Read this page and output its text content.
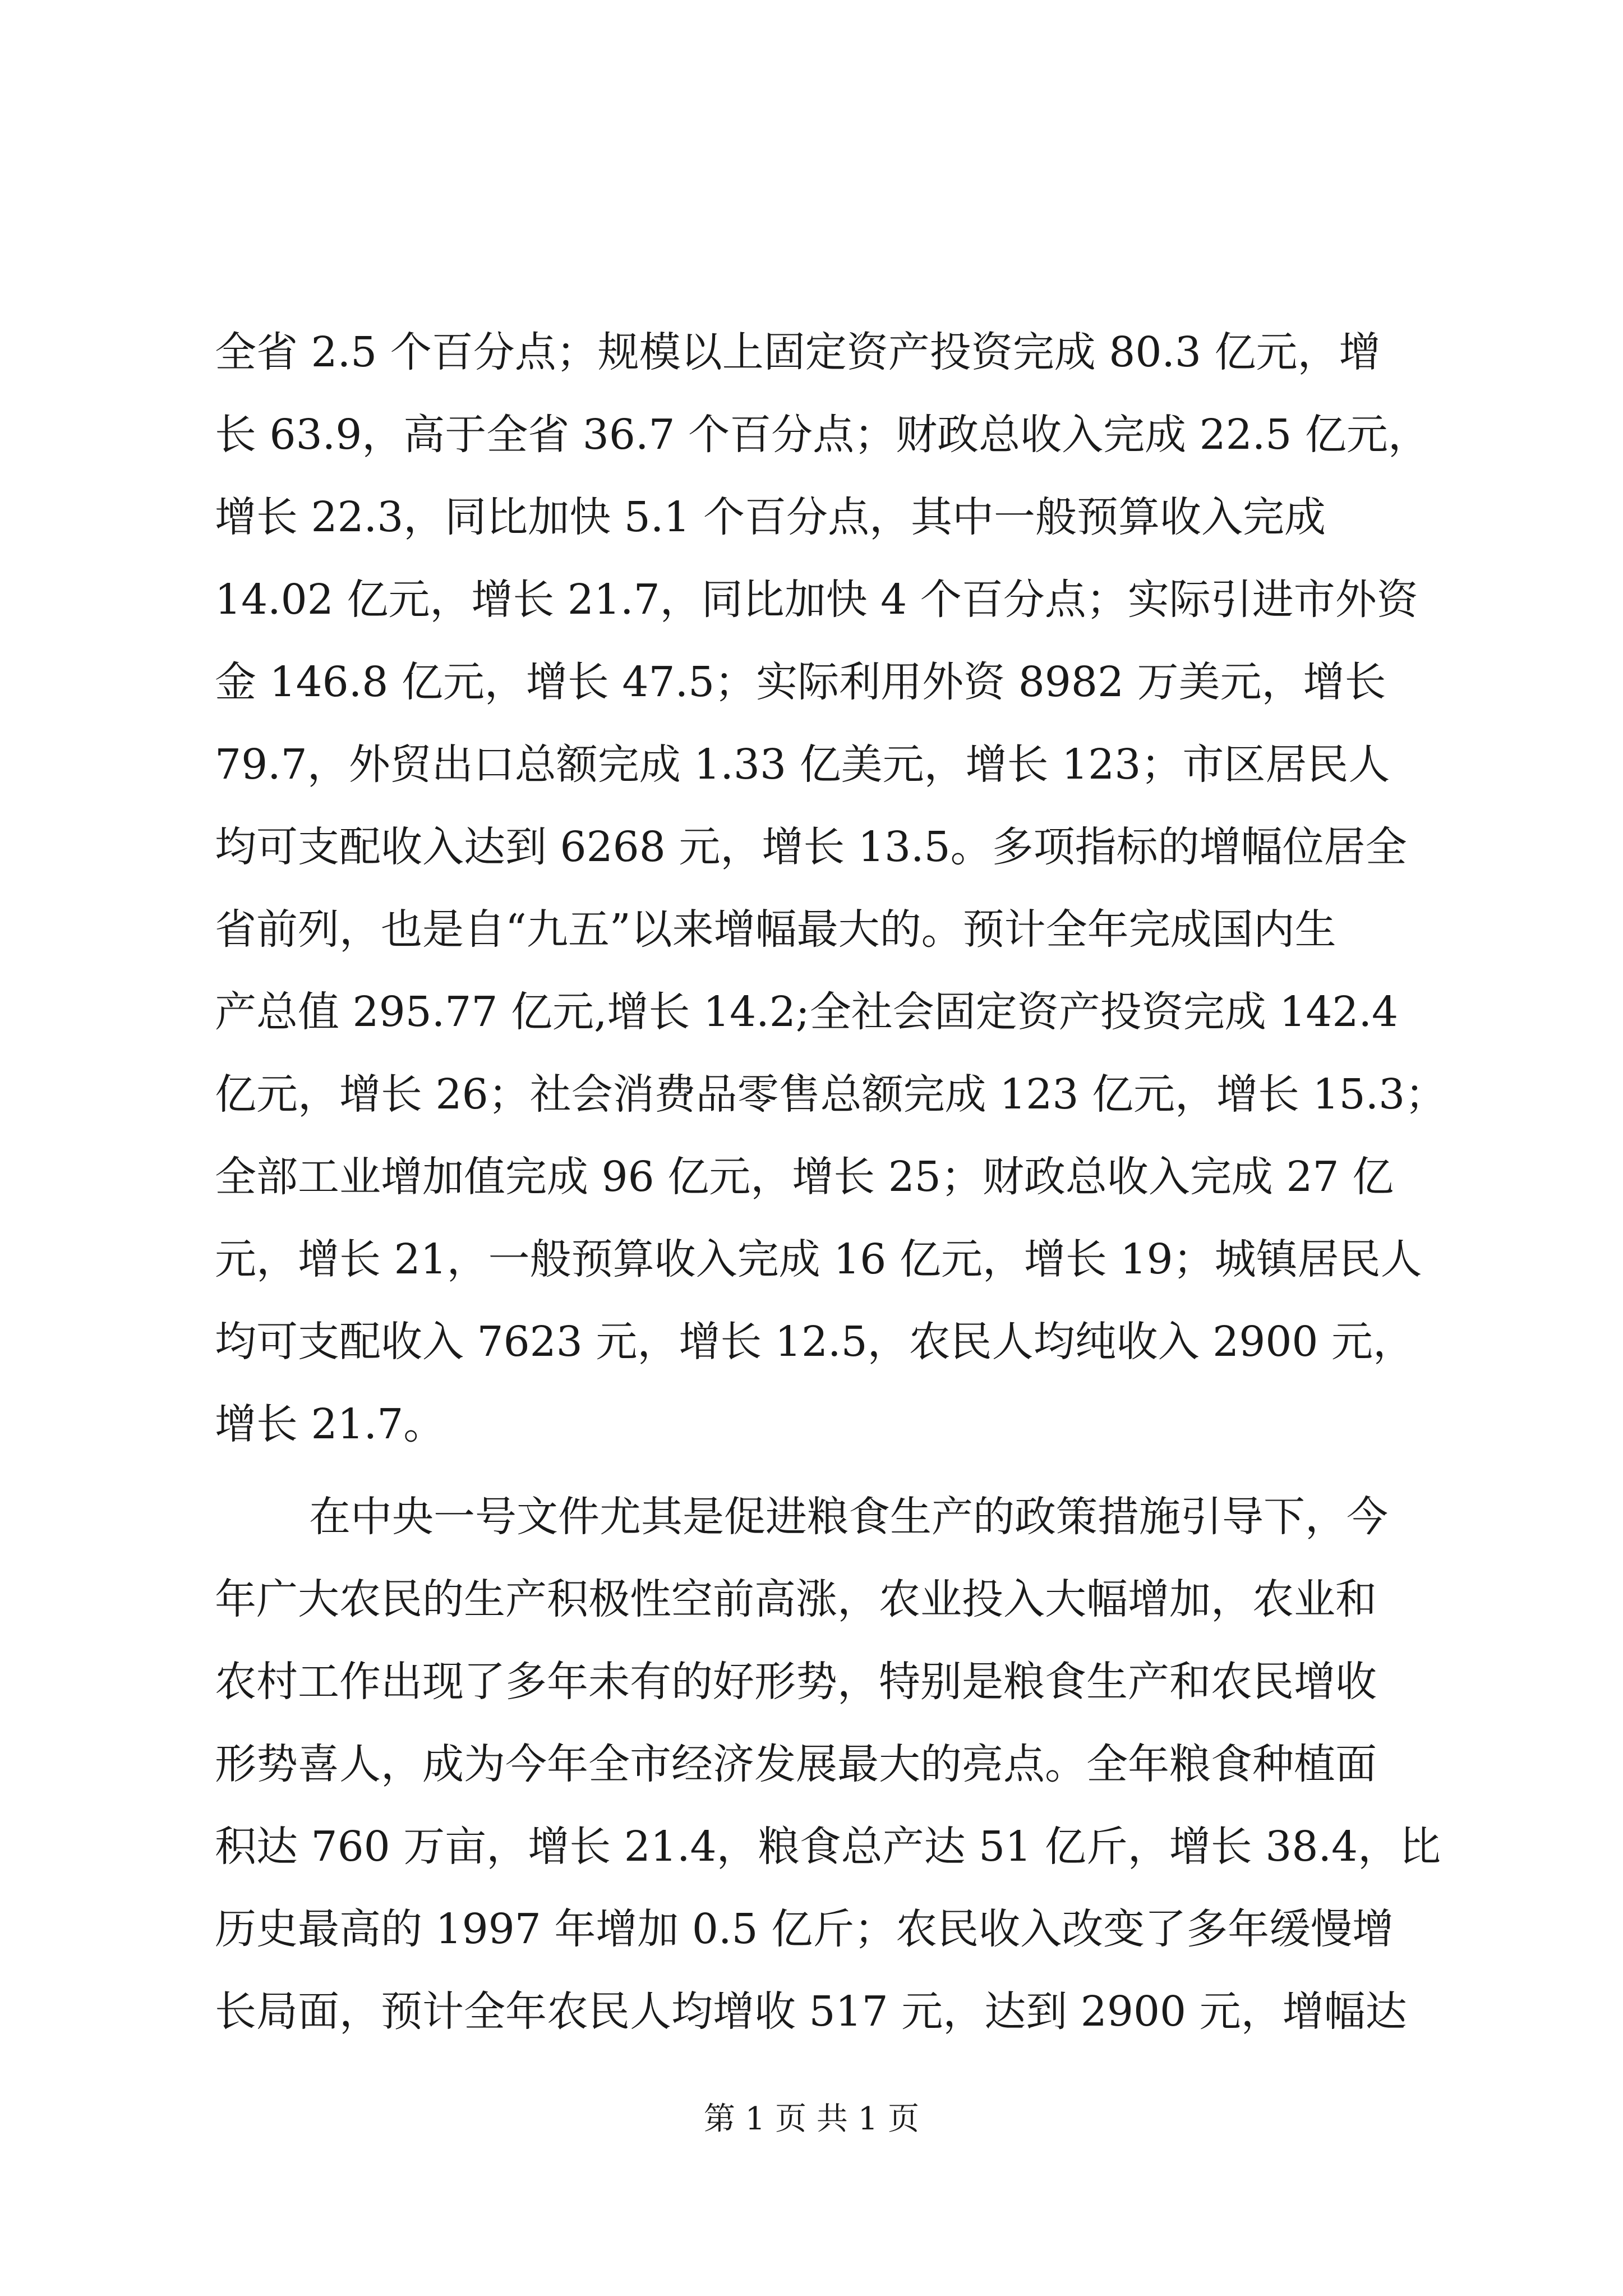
全省 2.5 个百分点；规模以上固定资产投资完成 80.3 亿元，增
长 63.9，高于全省 36.7 个百分点；财政总收入完成 22.5 亿元，
增长 22.3，同比加快 5.1 个百分点，其中一般预算收入完成
14.02 亿元，增长 21.7，同比加快 4 个百分点；实际引进市外资
金 146.8 亿元，增长 47.5；实际利用外资 8982 万美元，增长
79.7，外贸出口总额完成 1.33 亿美元，增长 123；市区居民人
均可支配收入达到 6268 元，增长 13.5。多项指标的增幅位居全
省前列，也是自“九五”以来增幅最大的。预计全年完成国内生
产总值 295.77 亿元,增长 14.2;全社会固定资产投资完成 142.4
亿元，增长 26；社会消费品零售总额完成 123 亿元，增长 15.3；
全部工业增加值完成 96 亿元，增长 25；财政总收入完成 27 亿
元，增长 21，一般预算收入完成 16 亿元，增长 19；城镇居民人
均可支配收入 7623 元，增长 12.5，农民人均纯收入 2900 元，
增长 21.7。
在中央一号文件尤其是促进粮食生产的政策措施引导下，今
年广大农民的生产积极性空前高涨，农业投入大幅增加，农业和
农村工作出现了多年未有的好形势，特别是粮食生产和农民增收
形势喜人，成为今年全市经济发展最大的亮点。全年粮食种植面
积达 760 万亩，增长 21.4，粮食总产达 51 亿斤，增长 38.4，比
历史最高的 1997 年增加 0.5 亿斤；农民收入改变了多年缓慢增
长局面，预计全年农民人均增收 517 元，达到 2900 元，增幅达
第 1 页 共 1 页
